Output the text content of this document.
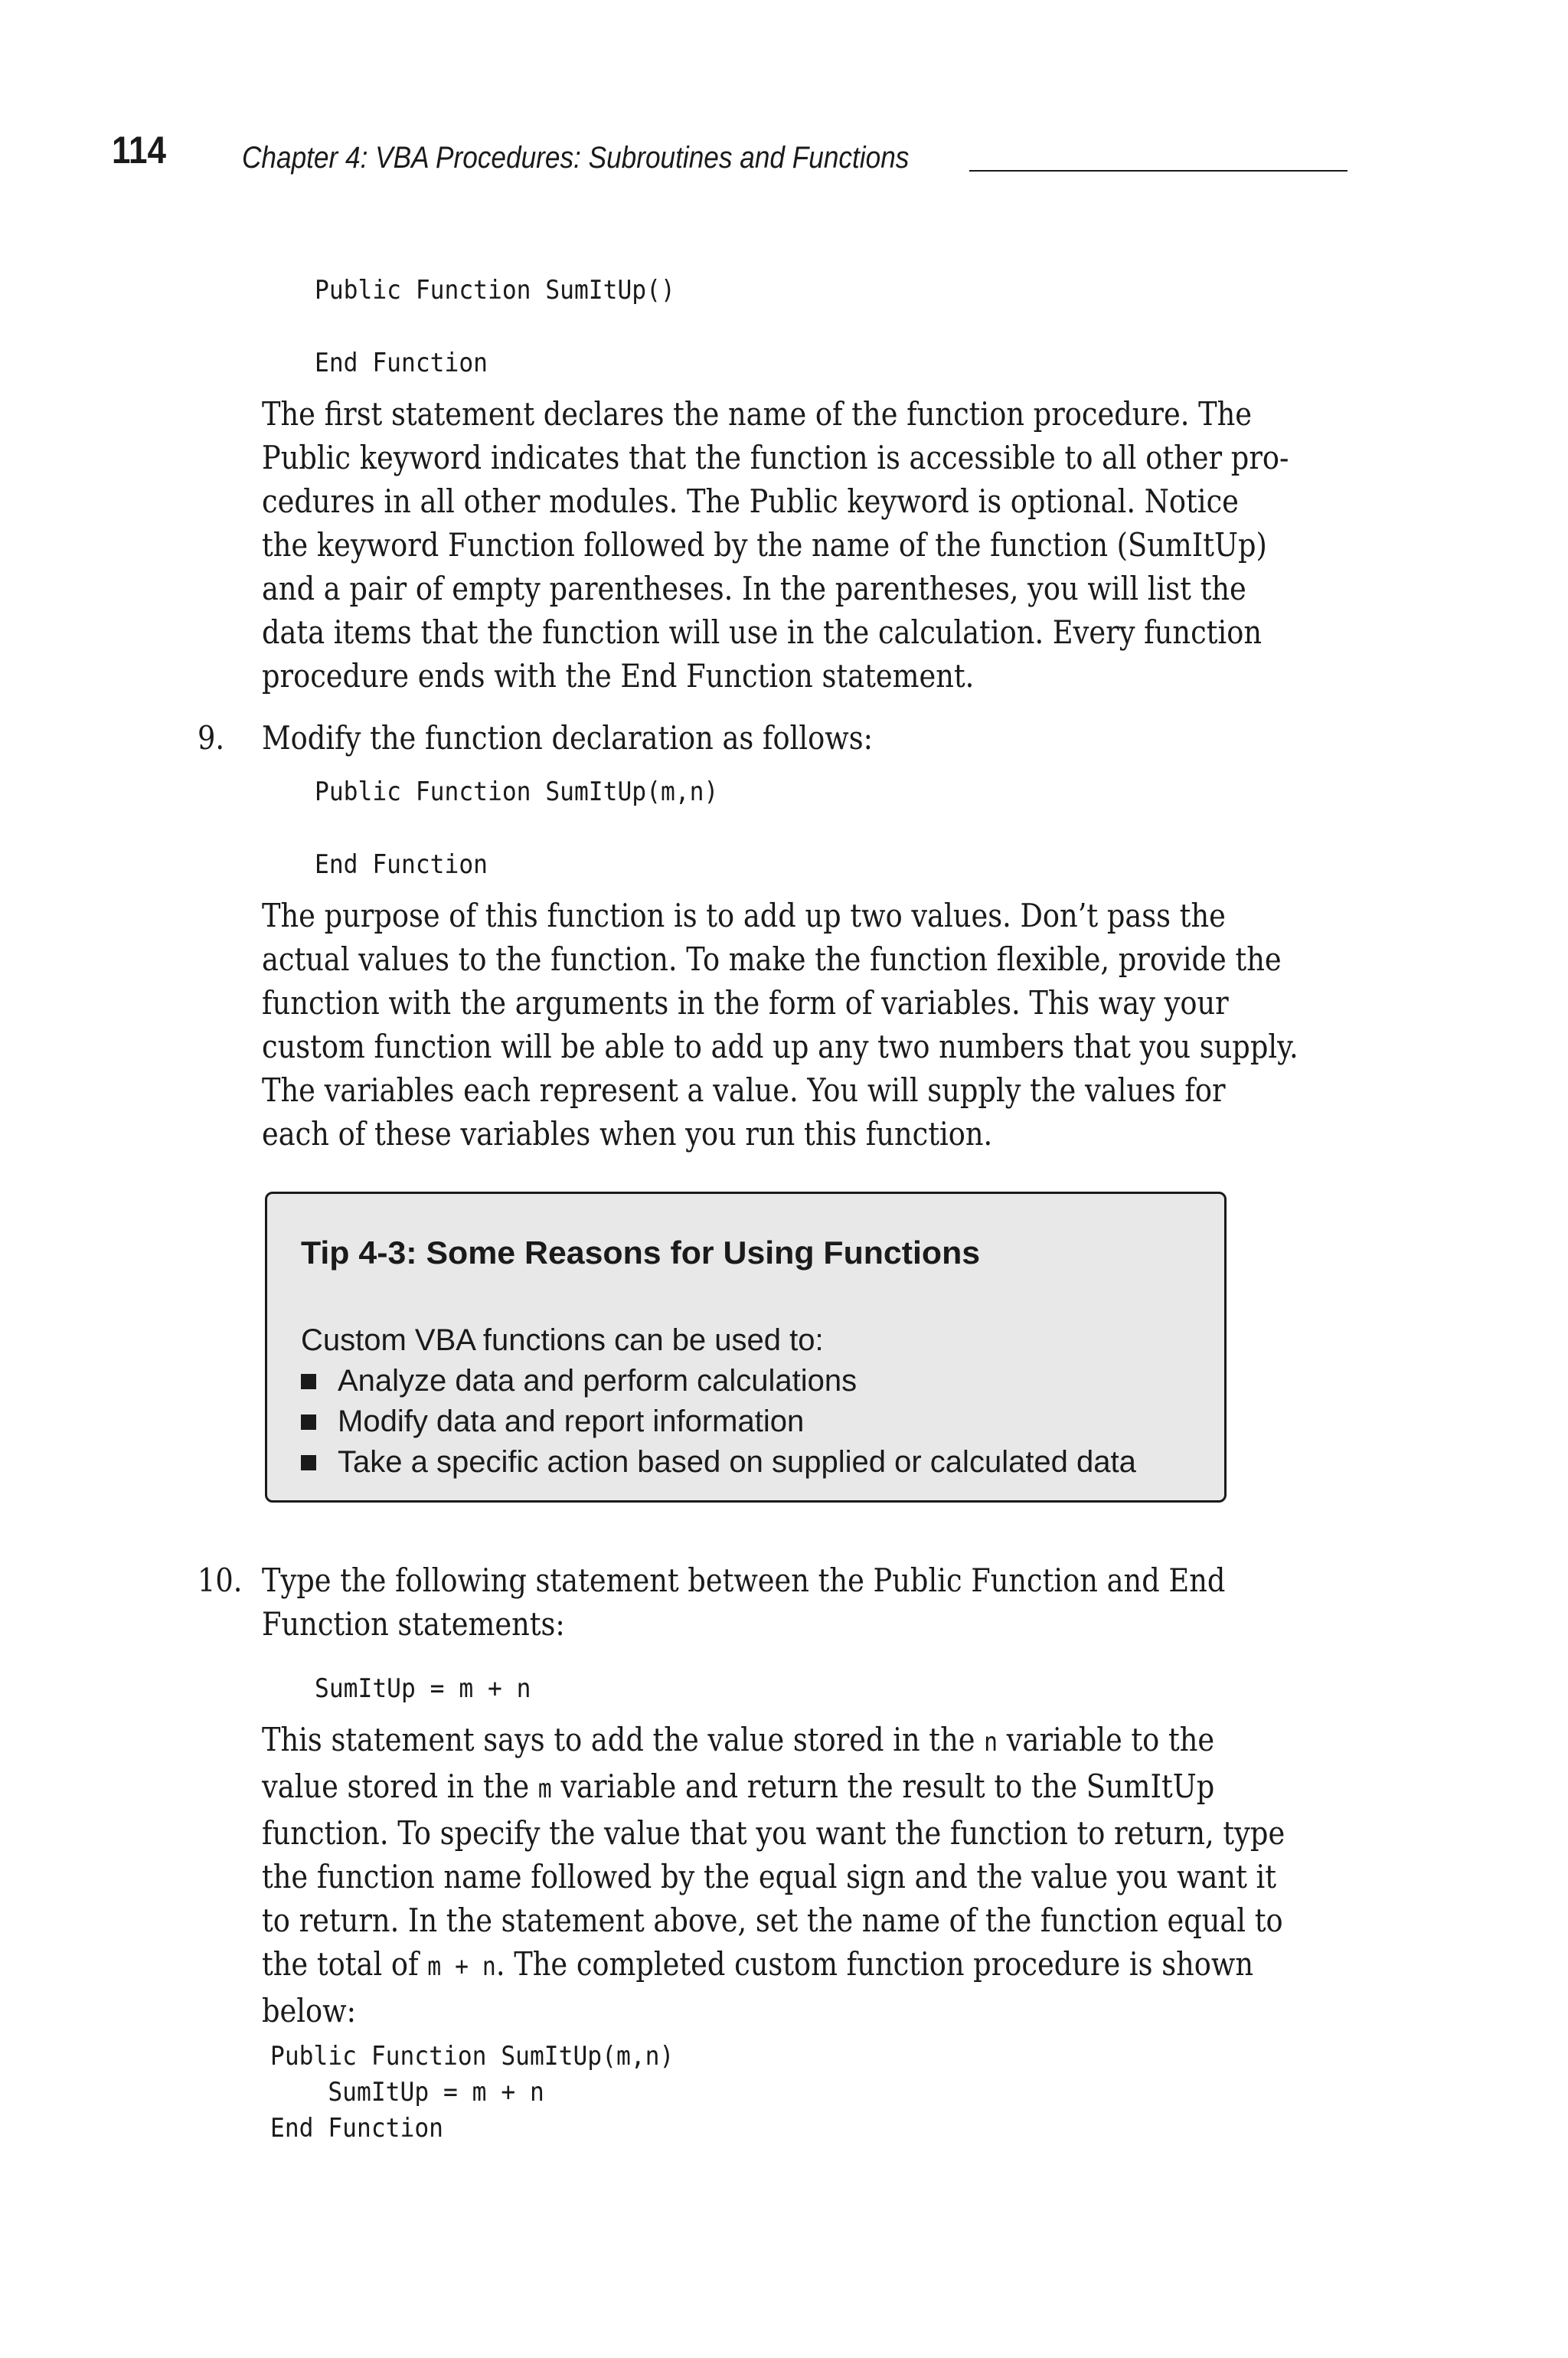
114 Chapter 4: VBA Procedures: Subroutines and Functions
Public Function SumItUp()
End Function
The first statement declares the name of the function procedure. The
Public keyword indicates that the function is accessible to all other pro-
cedures in all other modules. The Public keyword is optional. Notice
the keyword Function followed by the name of the function (SumItUp)
and a pair of empty parentheses. In the parentheses, you will list the
data items that the function will use in the calculation. Every function
procedure ends with the End Function statement.
9. Modify the function declaration as follows:
Public Function SumItUp(m,n)
End Function
The purpose of this function is to add up two values. Don’t pass the
actual values to the function. To make the function flexible, provide the
function with the arguments in the form of variables. This way your
custom function will be able to add up any two numbers that you supply.
The variables each represent a value. You will supply the values for
each of these variables when you run this function.
Tip 4-3: Some Reasons for Using Functions
Custom VBA functions can be used to:
Analyze data and perform calculations
Modify data and report information
Take a specific action based on supplied or calculated data
10. Type the following statement between the Public Function and End
Function statements:
SumItUp = m + n
This statement says to add the value stored in the n variable to the
value stored in the m variable and return the result to the SumItUp
function. To specify the value that you want the function to return, type
the function name followed by the equal sign and the value you want it
to return. In the statement above, set the name of the function equal to
the total of m + n. The completed custom function procedure is shown
below:
Public Function SumItUp(m,n)
SumItUp = m + n
End Function
